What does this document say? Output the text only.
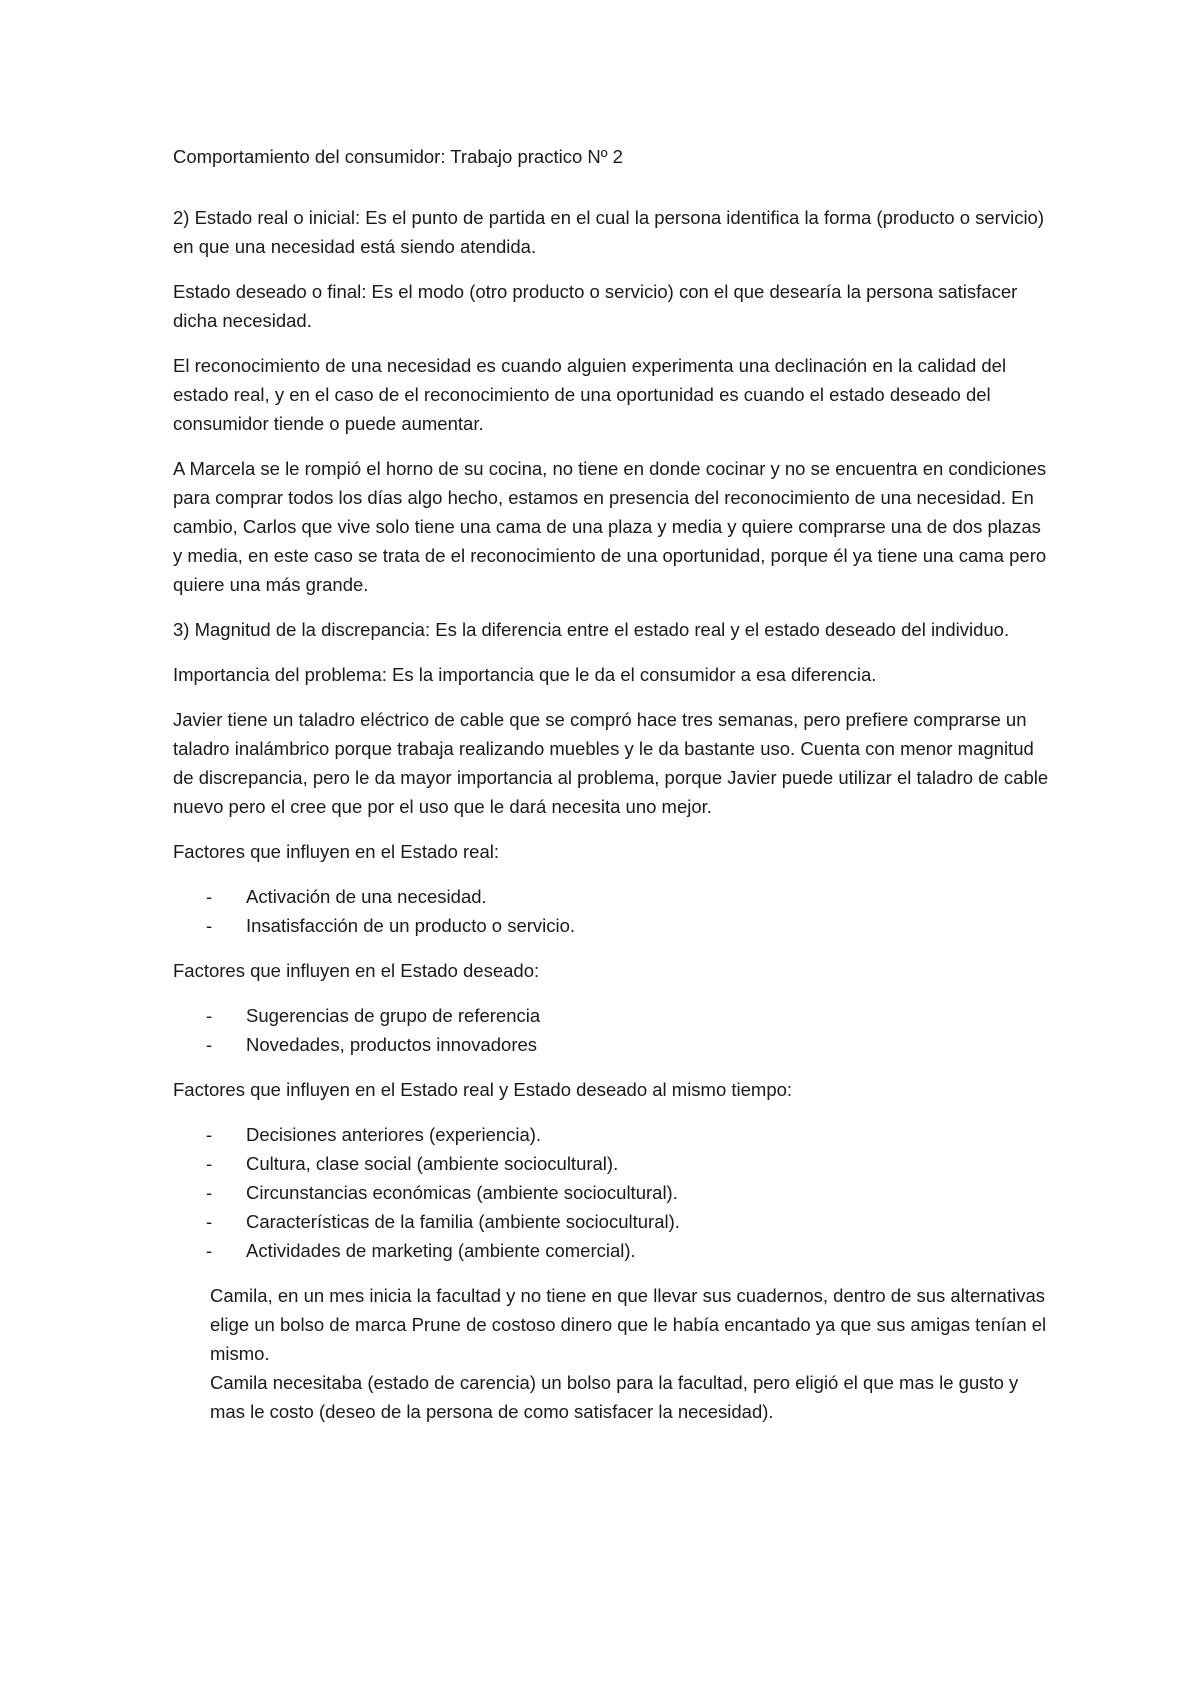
Comportamiento del consumidor: Trabajo practico Nº 2

2) Estado real o inicial: Es el punto de partida en el cual la persona identifica la forma (producto o servicio) en que una necesidad está siendo atendida.

Estado deseado o final: Es el modo (otro producto o servicio) con el que desearía la persona satisfacer dicha necesidad.

El reconocimiento de una necesidad es cuando alguien experimenta una declinación en la calidad del estado real, y en el caso de el reconocimiento de una oportunidad es cuando el estado deseado del consumidor tiende o puede aumentar.

A Marcela se le rompió el horno de su cocina, no tiene en donde cocinar y no se encuentra en condiciones para comprar todos los días algo hecho, estamos en presencia del reconocimiento de una necesidad. En cambio, Carlos que vive solo tiene una cama de una plaza y media y quiere comprarse una de dos plazas y media, en este caso se trata de el reconocimiento de una oportunidad, porque él ya tiene una cama pero quiere una más grande.

3) Magnitud de la discrepancia: Es la diferencia entre el estado real y el estado deseado del individuo.

Importancia del problema: Es la importancia que le da el consumidor a esa diferencia.

Javier tiene un taladro eléctrico de cable que se compró hace tres semanas, pero prefiere comprarse un taladro inalámbrico porque trabaja realizando muebles y le da bastante uso. Cuenta con menor magnitud de discrepancia, pero le da mayor importancia al problema, porque Javier puede utilizar el taladro de cable nuevo pero el cree que por el uso que le dará necesita uno mejor.

Factores que influyen en el Estado real:

- Activación de una necesidad.
- Insatisfacción de un producto o servicio.

Factores que influyen en el Estado deseado:

- Sugerencias de grupo de referencia
- Novedades, productos innovadores

Factores que influyen en el Estado real y Estado deseado al mismo tiempo:

- Decisiones anteriores (experiencia).
- Cultura, clase social (ambiente sociocultural).
- Circunstancias económicas (ambiente sociocultural).
- Características de la familia (ambiente sociocultural).
- Actividades de marketing (ambiente comercial).

Camila, en un mes inicia la facultad y no tiene en que llevar sus cuadernos, dentro de sus alternativas elige un bolso de marca Prune de costoso dinero que le había encantado ya que sus amigas tenían el mismo.

Camila necesitaba (estado de carencia) un bolso para la facultad, pero eligió el que mas le gusto y mas le costo (deseo de la persona de como satisfacer la necesidad).
